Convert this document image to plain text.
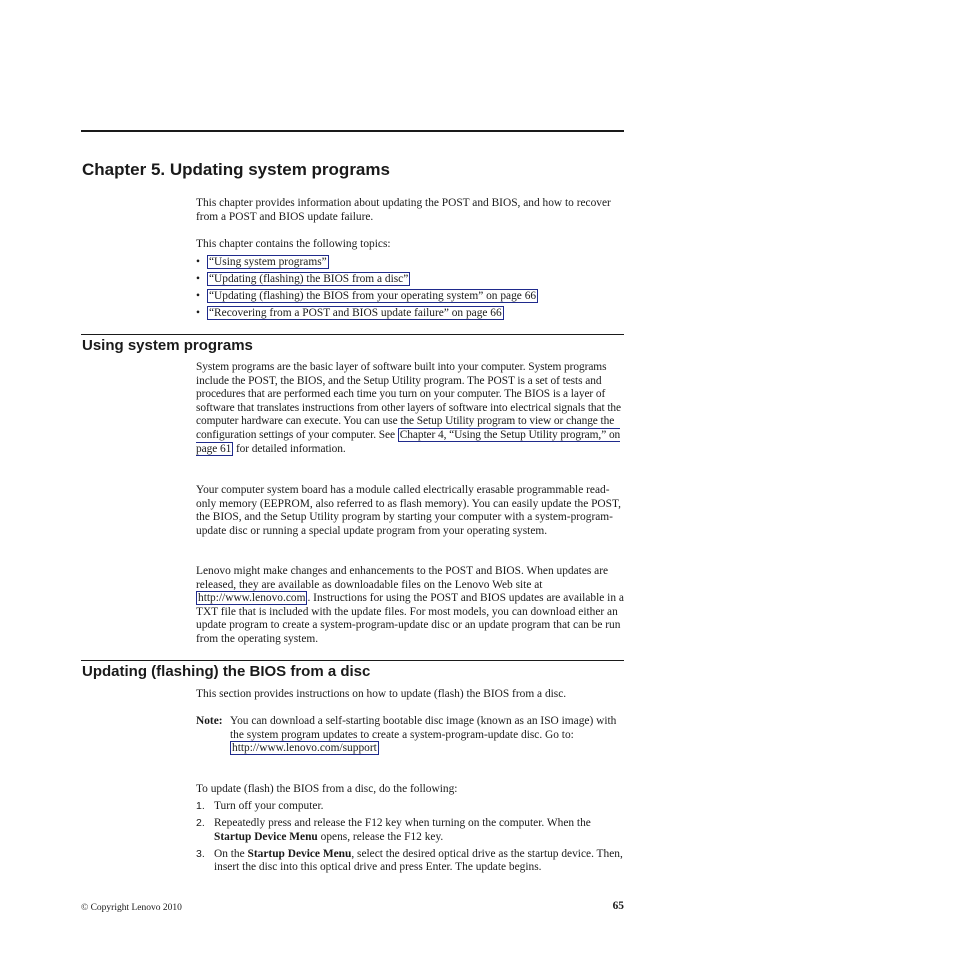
Chapter 5. Updating system programs

This chapter provides information about updating the POST and BIOS, and how to recover from a POST and BIOS update failure.

This chapter contains the following topics:

• “Using system programs”
• “Updating (flashing) the BIOS from a disc”
• “Updating (flashing) the BIOS from your operating system” on page 66
• “Recovering from a POST and BIOS update failure” on page 66
Using system programs

System programs are the basic layer of software built into your computer. System programs include the POST, the BIOS, and the Setup Utility program. The POST is a set of tests and procedures that are performed each time you turn on your computer. The BIOS is a layer of software that translates instructions from other layers of software into electrical signals that the computer hardware can execute. You can use the Setup Utility program to view or change the configuration settings of your computer. See Chapter 4, “Using the Setup Utility program,” on page 61 for detailed information.

Your computer system board has a module called electrically erasable programmable read-only memory (EEPROM, also referred to as flash memory). You can easily update the POST, the BIOS, and the Setup Utility program by starting your computer with a system-program-update disc or running a special update program from your operating system.

Lenovo might make changes and enhancements to the POST and BIOS. When updates are released, they are available as downloadable files on the Lenovo Web site at http://www.lenovo.com . Instructions for using the POST and BIOS updates are available in a TXT file that is included with the update files. For most models, you can download either an update program to create a system-program-update disc or an update program that can be run from the operating system.

Updating (flashing) the BIOS from a disc

This section provides instructions on how to update (flash) the BIOS from a disc.

Note: You can download a self-starting bootable disc image (known as an ISO image) with the system program updates to create a system-program-update disc. Go to:
http://www.lenovo.com/support

To update (flash) the BIOS from a disc, do the following:

1. Turn off your computer.
2. Repeatedly press and release the F12 key when turning on the computer. When the Startup Device Menu opens, release the F12 key.
3. On the Startup Device Menu, select the desired optical drive as the startup device. Then, insert the disc into this optical drive and press Enter. The update begins.
© Copyright Lenovo 2010	65
